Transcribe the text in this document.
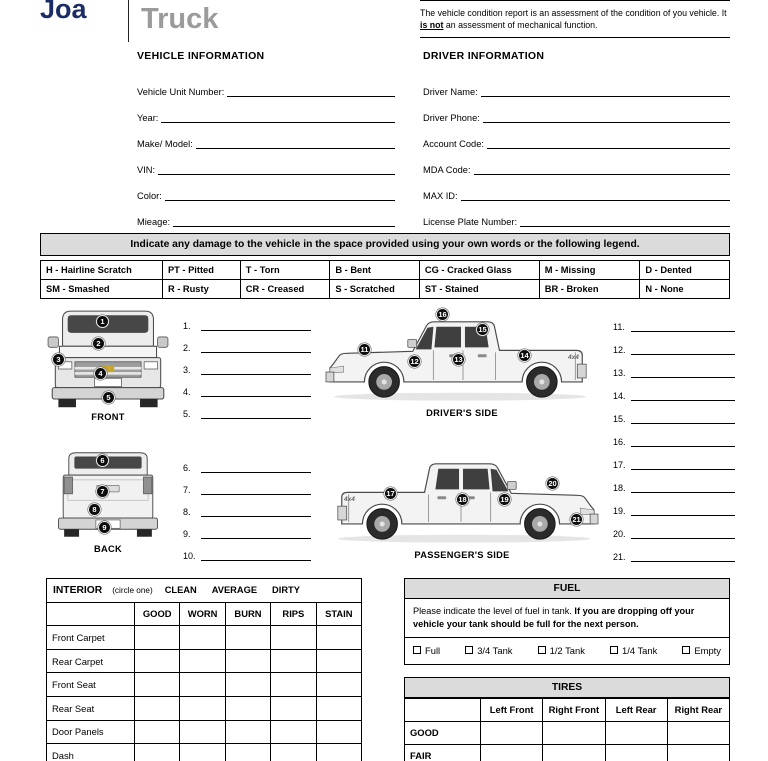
Joa	Truck	The vehicle condition report is an assessment of the condition of you vehicle. It is not an assessment of mechanical function.
VEHICLE INFORMATION
Vehicle Unit Number:
Year:
Make/ Model:
VIN:
Color:
Mieage:
DRIVER INFORMATION
Driver Name:
Driver Phone:
Account Code:
MDA Code:
MAX ID:
License Plate Number:
Indicate any damage to the vehicle in the space provided using your own words or the following legend.
H - Hairline Scratch	PT - Pitted	T - Torn	B - Bent	CG - Cracked Glass	M - Missing	D - Dented
SM - Smashed	R - Rusty	CR - Creased	S - Scratched	ST - Stained	BR - Broken	N - None
1
2
3
4
5
FRONT
1.
2.
3.
4.
5.
11
12	13	14
15
16
4x4
DRIVER'S SIDE
11.
12.
13.
14.
15.
16.
17.
18.
19.
20.
21.
6
7
8
9
BACK
6.
7.
8.
9.
10.
17
18	19
20
21
4x4
PASSENGER'S SIDE
INTERIOR (circle one) CLEAN AVERAGE DIRTY					

	GOOD	WORN	BURN	RIPS	STAIN
Front Carpet					
Rear Carpet					
Front Seat					
Rear Seat					
Door Panels					
Dash					
FUEL
Please indicate the level of fuel in tank. If you are dropping off your vehicle your tank should be full for the next person.
Full	3/4 Tank	1/2 Tank	1/4 Tank	Empty
TIRES
	Left Front	Right Front	Left Rear	Right Rear
GOOD				
FAIR				
